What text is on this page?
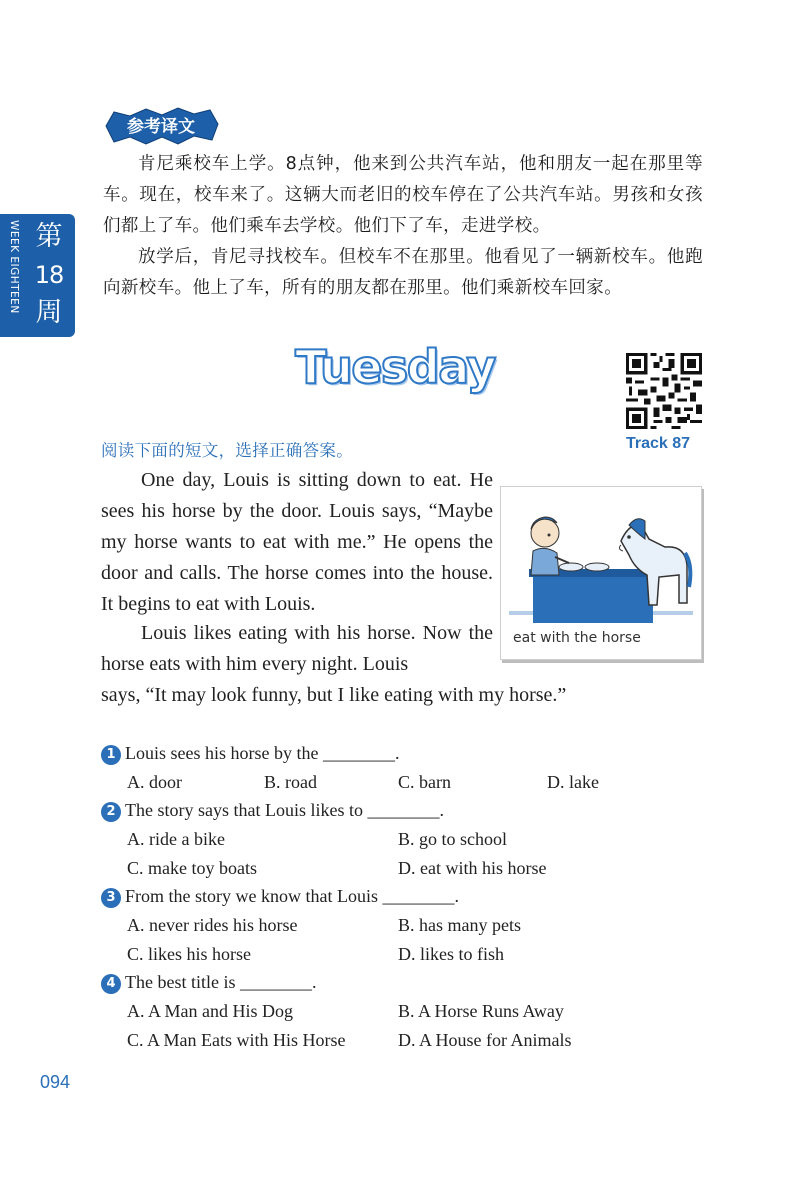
参考译文

肯尼乘校车上学。8点钟，他来到公共汽车站，他和朋友一起在那里等车。现在，校车来了。这辆大而老旧的校车停在了公共汽车站。男孩和女孩们都上了车。他们乘车去学校。他们下了车，走进学校。

放学后，肯尼寻找校车。但校车不在那里。他看见了一辆新校车。他跑向新校车。他上了车，所有的朋友都在那里。他们乘新校车回家。

WEEK EIGHTEEN 第
18
周
Tuesday
Track 87
阅读下面的短文，选择正确答案。

One day, Louis is sitting down to eat. He sees his horse by the door. Louis says, “Maybe my horse wants to eat with me.” He opens the door and calls. The horse comes into the house. It begins to eat with Louis.

Louis likes eating with his horse. Now the horse eats with him every night. Louis

says, “It may look funny, but I like eating with my horse.”

eat with the horse
1 Louis sees his horse by the ________.
A. door	B. road	C. barn	D. lake
2 The story says that Louis likes to ________.
A. ride a bike	B. go to school
C. make toy boats	D. eat with his horse
3 From the story we know that Louis ________.
A. never rides his horse	B. has many pets
C. likes his horse	D. likes to fish
4 The best title is ________.
A. A Man and His Dog	B. A Horse Runs Away
C. A Man Eats with His Horse	D. A House for Animals
094
